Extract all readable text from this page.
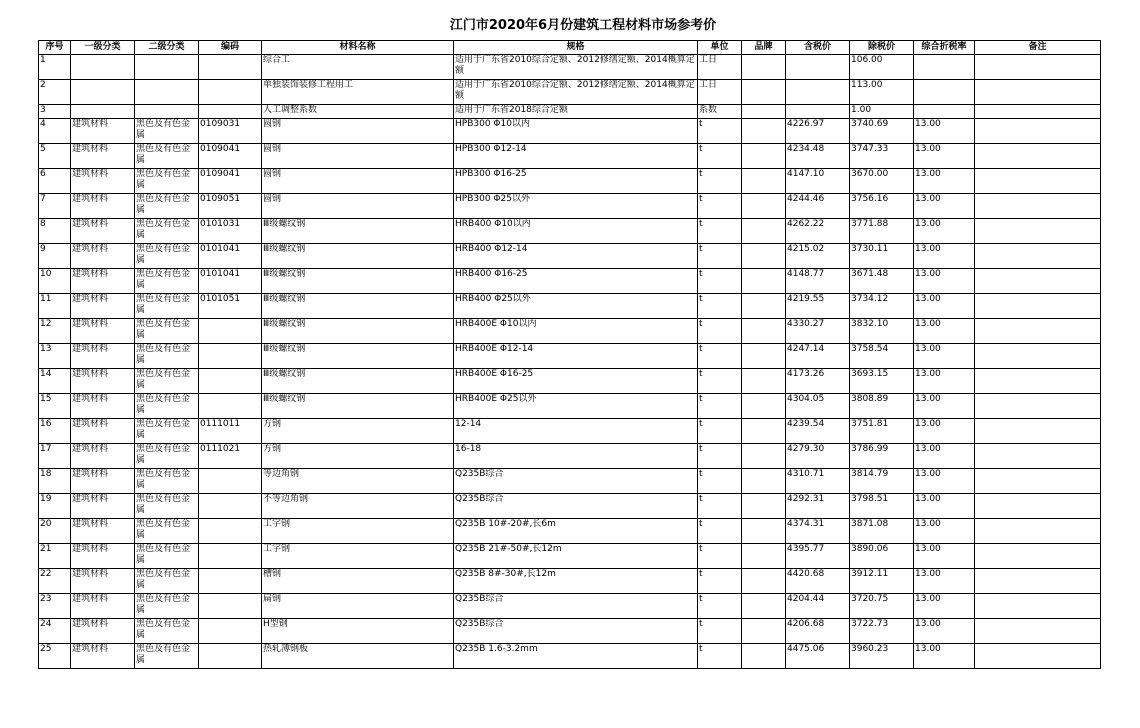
江门市2020年6月份建筑工程材料市场参考价
序号	一级分类	二级分类	编码	材料名称	规格	单位	品牌	含税价	除税价	综合折税率	备注
1				综合工	适用于广东省2010综合定额、2012修缮定额、2014概算定额	工日			106.00		
2				单独装饰装修工程用工	适用于广东省2010综合定额、2012修缮定额、2014概算定额	工日			113.00		
3				人工调整系数	适用于广东省2018综合定额	系数			1.00		
4	建筑材料	黑色及有色金属	0109031	圆钢	HPB300 Φ10以内	t		4226.97	3740.69	13.00	
5	建筑材料	黑色及有色金属	0109041	圆钢	HPB300 Φ12-14	t		4234.48	3747.33	13.00	
6	建筑材料	黑色及有色金属	0109041	圆钢	HPB300 Φ16-25	t		4147.10	3670.00	13.00	
7	建筑材料	黑色及有色金属	0109051	圆钢	HPB300 Φ25以外	t		4244.46	3756.16	13.00	
8	建筑材料	黑色及有色金属	0101031	Ⅲ级螺纹钢	HRB400 Φ10以内	t		4262.22	3771.88	13.00	
9	建筑材料	黑色及有色金属	0101041	Ⅲ级螺纹钢	HRB400 Φ12-14	t		4215.02	3730.11	13.00	
10	建筑材料	黑色及有色金属	0101041	Ⅲ级螺纹钢	HRB400 Φ16-25	t		4148.77	3671.48	13.00	
11	建筑材料	黑色及有色金属	0101051	Ⅲ级螺纹钢	HRB400 Φ25以外	t		4219.55	3734.12	13.00	
12	建筑材料	黑色及有色金属		Ⅲ级螺纹钢	HRB400E Φ10以内	t		4330.27	3832.10	13.00	
13	建筑材料	黑色及有色金属		Ⅲ级螺纹钢	HRB400E Φ12-14	t		4247.14	3758.54	13.00	
14	建筑材料	黑色及有色金属		Ⅲ级螺纹钢	HRB400E Φ16-25	t		4173.26	3693.15	13.00	
15	建筑材料	黑色及有色金属		Ⅲ级螺纹钢	HRB400E Φ25以外	t		4304.05	3808.89	13.00	
16	建筑材料	黑色及有色金属	0111011	方钢	12-14	t		4239.54	3751.81	13.00	
17	建筑材料	黑色及有色金属	0111021	方钢	16-18	t		4279.30	3786.99	13.00	
18	建筑材料	黑色及有色金属		等边角钢	Q235B综合	t		4310.71	3814.79	13.00	
19	建筑材料	黑色及有色金属		不等边角钢	Q235B综合	t		4292.31	3798.51	13.00	
20	建筑材料	黑色及有色金属		工字钢	Q235B 10#-20#,长6m	t		4374.31	3871.08	13.00	
21	建筑材料	黑色及有色金属		工字钢	Q235B 21#-50#,长12m	t		4395.77	3890.06	13.00	
22	建筑材料	黑色及有色金属		槽钢	Q235B 8#-30#,长12m	t		4420.68	3912.11	13.00	
23	建筑材料	黑色及有色金属		扁钢	Q235B综合	t		4204.44	3720.75	13.00	
24	建筑材料	黑色及有色金属		H型钢	Q235B综合	t		4206.68	3722.73	13.00	
25	建筑材料	黑色及有色金属		热轧薄钢板	Q235B 1.6-3.2mm	t		4475.06	3960.23	13.00	
